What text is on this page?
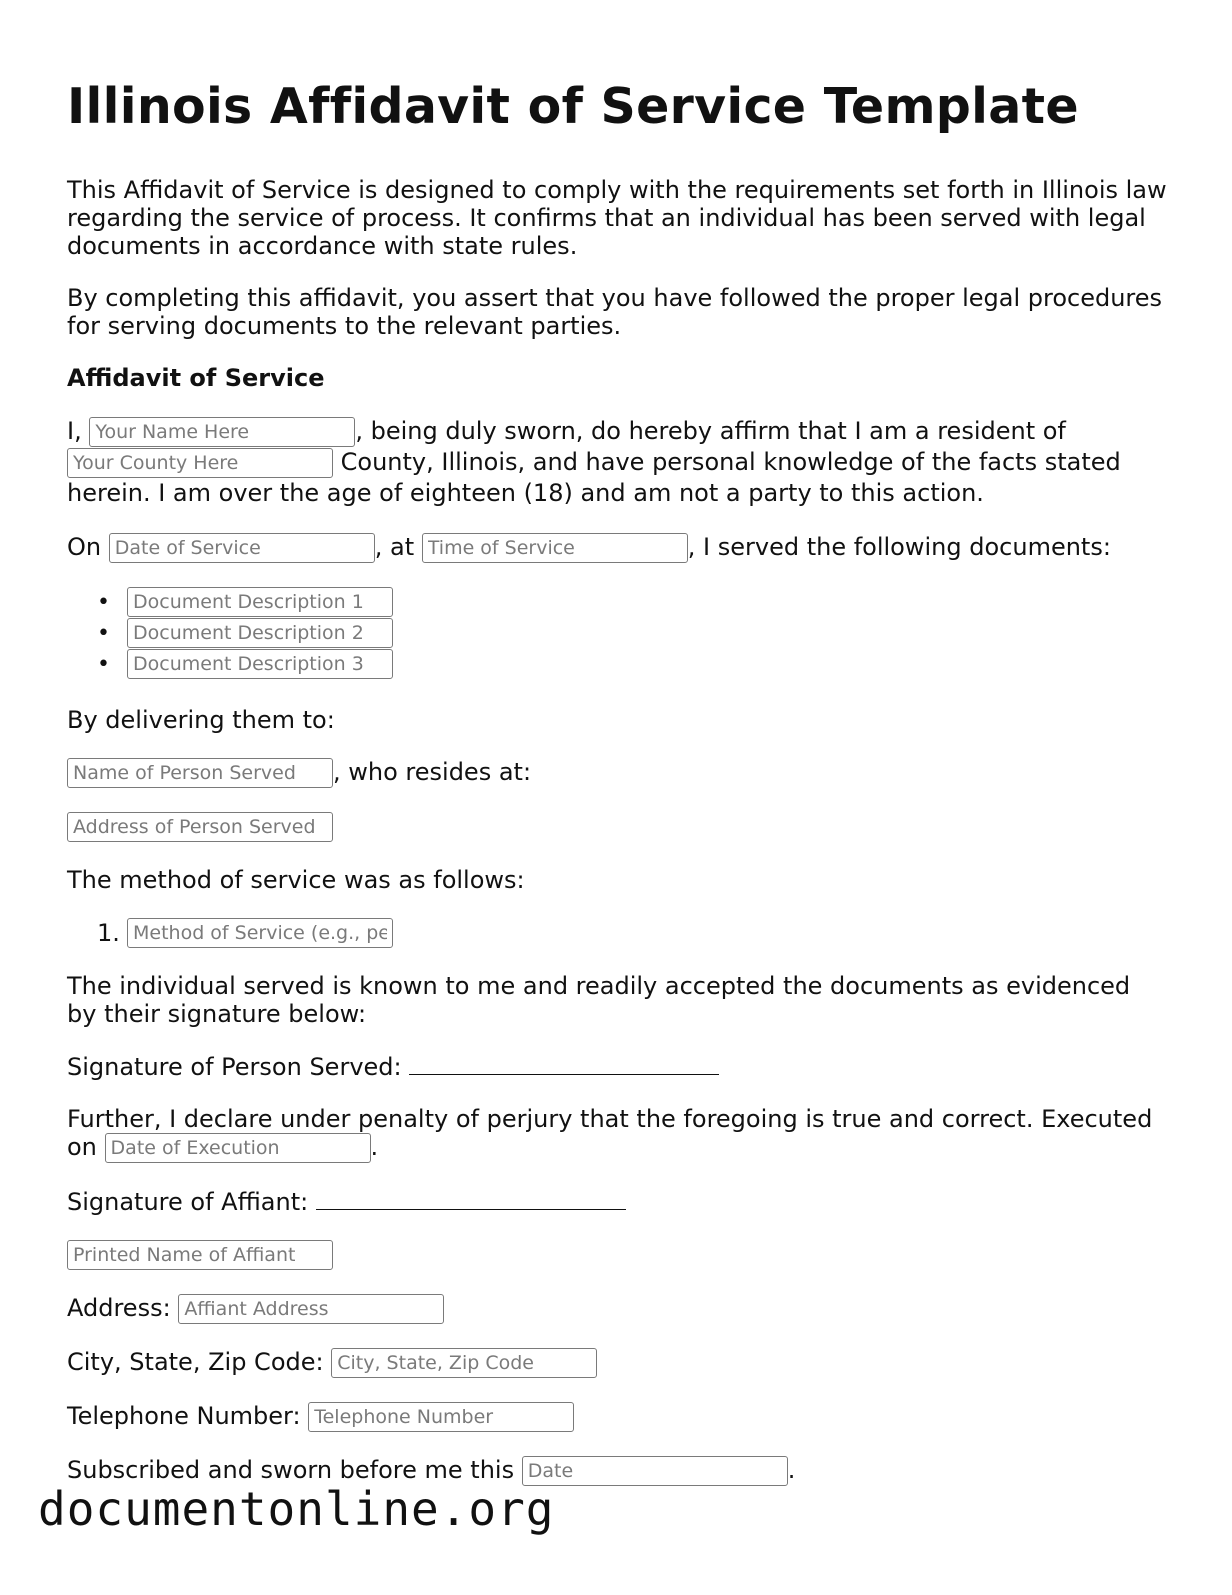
Illinois Affidavit of Service Template

This Affidavit of Service is designed to comply with the requirements set forth in Illinois law regarding the service of process. It confirms that an individual has been served with legal documents in accordance with state rules.

By completing this affidavit, you assert that you have followed the proper legal procedures for serving documents to the relevant parties.

Affidavit of Service

I, Your Name Here	, being duly sworn, do hereby affirm that I am a resident of
Your County Here County, Illinois, and have personal knowledge of the facts stated herein. I am over the age of eighteen (18) and am not a party to this action.

On Date of Service	, at Time of Service	, I served the following documents:

•
Document Description 1
•
Document Description 2
•
Document Description 3

By delivering them to:

Name of Person Served, who resides at:

Address of Person Served

The method of service was as follows:

1.
Method of Service (e.g., personal, substitute)

The individual served is known to me and readily accepted the documents as evidenced by their signature below:

Signature of Person Served:

Further, I declare under penalty of perjury that the foregoing is true and correct. Executed on Date of Execution	.

Signature of Affiant:

Printed Name of Affiant

Address: Affiant Address

City, State, Zip Code: City, State, Zip Code

Telephone Number: Telephone Number

Subscribed and sworn before me this Date	.

documentonline.org
